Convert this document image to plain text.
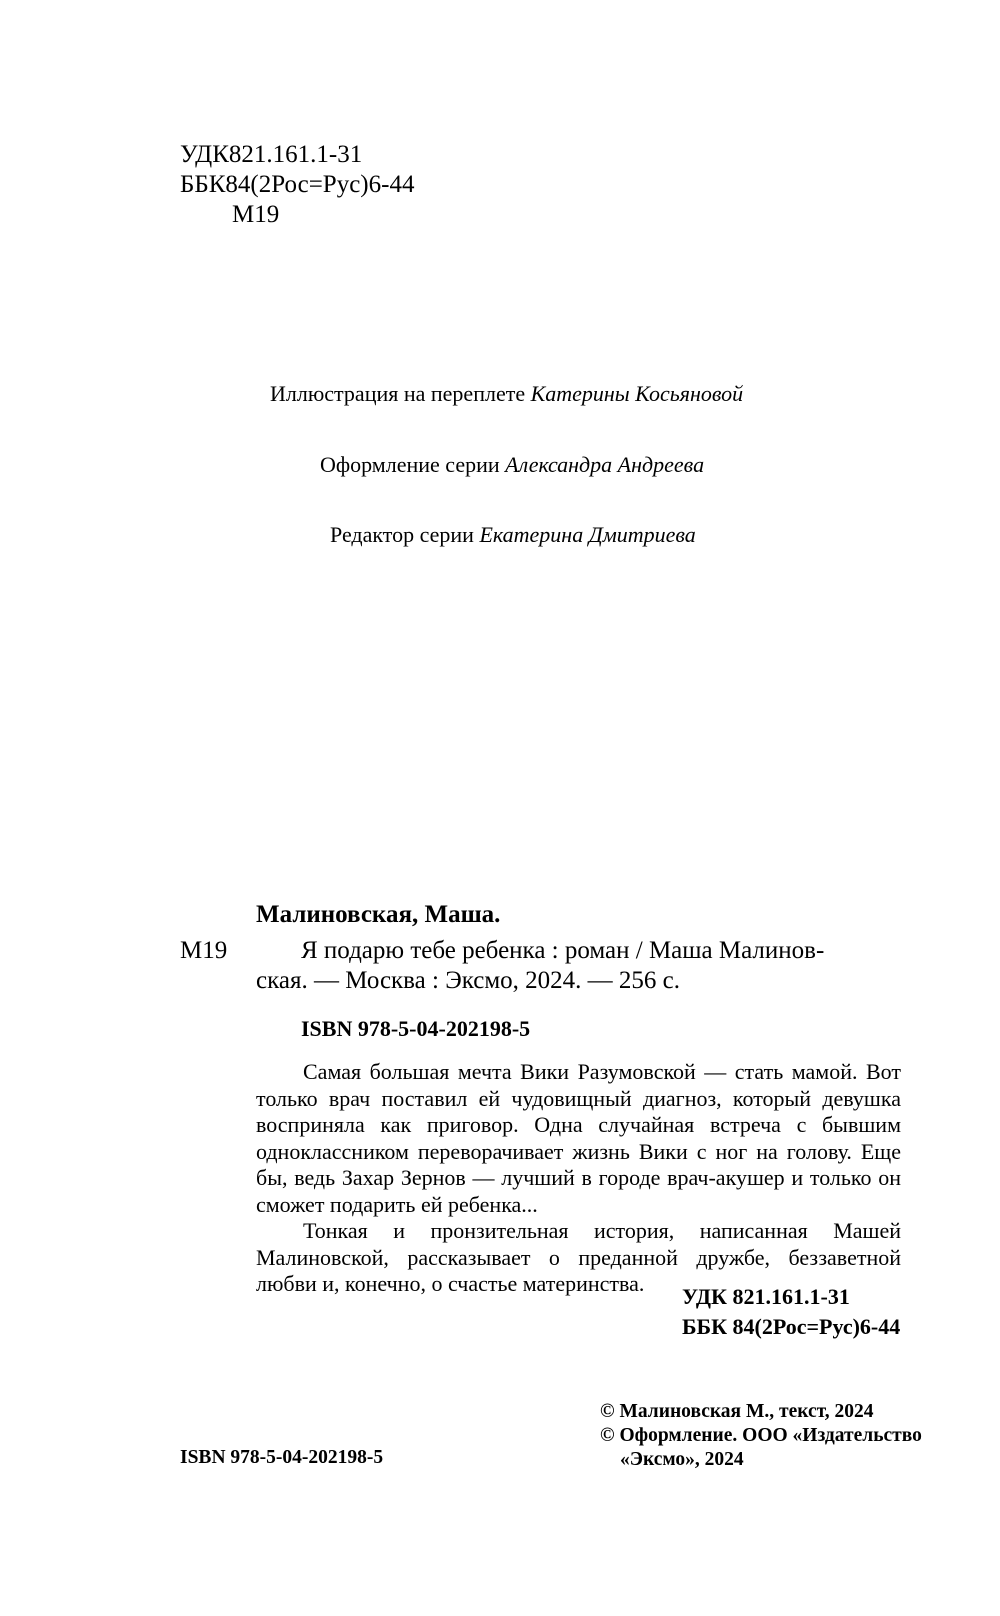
УДК821.161.1-31
ББК84(2Рос=Рус)6-44
М19
Иллюстрация на переплете Катерины Косьяновой
Оформление серии Александра Андреева
Редактор серии Екатерина Дмитриева
Малиновская, Маша.
М19	Я подарю тебе ребенка : роман / Маша Малинов-
ская. — Москва : Эксмо, 2024. — 256 с.
ISBN 978-5-04-202198-5

Самая большая мечта Вики Разумовской — стать мамой. Вот только врач поставил ей чудовищный диагноз, который девушка восприняла как приговор. Одна случайная встреча с бывшим одноклассником переворачивает жизнь Вики с ног на голову. Еще бы, ведь Захар Зернов — лучший в городе врач-акушер и только он сможет подарить ей ребенка...

Тонкая и пронзительная история, написанная Машей Малиновской, рассказывает о преданной дружбе, беззаветной любви и, конечно, о счастье материнства.

УДК 821.161.1-31
ББК 84(2Рос=Рус)6-44
ISBN 978-5-04-202198-5
© Малиновская М., текст, 2024
© Оформление. ООО «Издательство
«Эксмо», 2024
